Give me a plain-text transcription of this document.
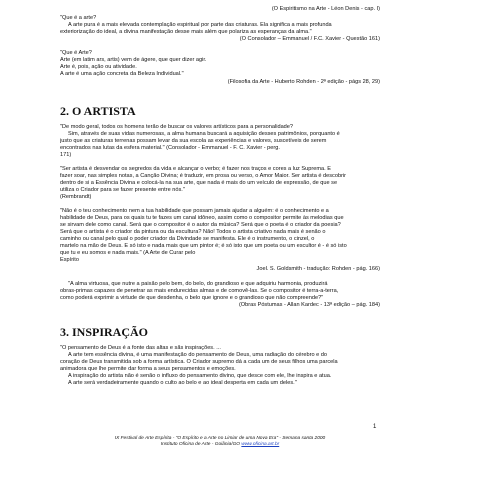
(O Espiritismo na Arte - Léon Denis - cap. I)
"Que é a arte?
A arte pura é a mais elevada contemplação espiritual por parte das criaturas. Ela significa a mais profunda
exteriorização do ideal, a divina manifestação desse mais além que polariza as esperanças da alma."
(O Consolador – Emmanuel / F.C. Xavier - Questão 161)
"Que é Arte?
Arte (em latim ars, artis) vem de ágere, que quer dizer agir.
Arte é, pois, ação ou atividade.
A arte é uma ação concreta da Beleza Individual."
(Filosofia da Arte - Huberto Rohden - 2ª edição - págs 28, 29)
2. O ARTISTA
"De modo geral, todos os homens terão de buscar os valores artísticos para a personalidade?
Sim, através de suas vidas numerosas, a alma humana buscará a aquisição desses patrimônios, porquanto é
justo que as criaturas terrenas possam levar da sua escola as experiências e valores, suscetíveis de serem
encontrados nas lutas da esfera material." (Consolador - Emmanuel - F. C. Xavier - perg.
171)
"Ser artista é desvendar os segredos da vida e alcançar o verbo; é fazer nos traços e cores a luz Suprema. É
fazer soar, nas simples notas, a Canção Divina; é traduzir, em prosa ou verso, o Amor Maior. Ser artista é descobrir
dentro de si a Essência Divina e colocá-la na sua arte, que nada é mais do um veículo de expressão, de que se
utiliza o Criador para se fazer presente entre nós."
(Rembrandt)
"Não é o teu conhecimento nem a tua habilidade que possam jamais ajudar a alguém: é o conhecimento e a
habilidade de Deus, para os quais tu te fazes um canal idôneo, assim como o compositor permite às melodias que
se sirvam dele como canal. Será que o compositor é o autor da música? Será que o poeta é o criador da poesia?
Será que o artista é o criador da pintura ou da escultura? Não! Todos o artista criativo nada mais é senão o
caminho ou canal pelo qual o poder criador da Divindade se manifesta. Ele é o instrumento, o cinzel, o
martelo na mão de Deus. É só isto e nada mais que um pintor é; é só isto que um poeta ou um escultor é - é só isto
que tu e eu somos e nada mais." (A Arte de Curar pelo
Espírito
Joel. S. Goldsmith - tradução: Rohden - pág. 166)
"A alma virtuosa, que nutre a paixão pelo bem, do belo, do grandioso e que adquiriu harmonia, produzirá
obras-primas capazes de penetrar as mais endurecidas almas e de comovê-las. Se o compositor é terra-a-terra,
como poderá exprimir a virtude de que desdenha, o belo que ignore e o grandioso que não compreende?"
(Obras Póstumas - Allan Kardec - 13ª edição – pág. 184)
3. INSPIRAÇÃO
"O pensamento de Deus é a fonte das altas e sãs inspirações. ...
A arte tem essência divina, é uma manifestação do pensamento de Deus, uma radiação do cérebro e do
coração de Deus transmitida sob a forma artística. O Criador supremo dá a cada um de seus filhos uma parcela
animadora que lhe permite dar forma a seus pensamentos e emoções.
A inspiração do artista não é senão o influxo do pensamento divino, que desce com ele, lhe inspira e atua.
A arte será verdadeiramente quando o culto ao belo e ao ideal desperta em cada um deles."
1
IX Festival de Arte Espírita - "O Espírito e a Arte no Limiar de uma Nova Era" - Semana santa 2000
Instituto Oficina de Arte - Goiânia/GO www.oficina.art.br
